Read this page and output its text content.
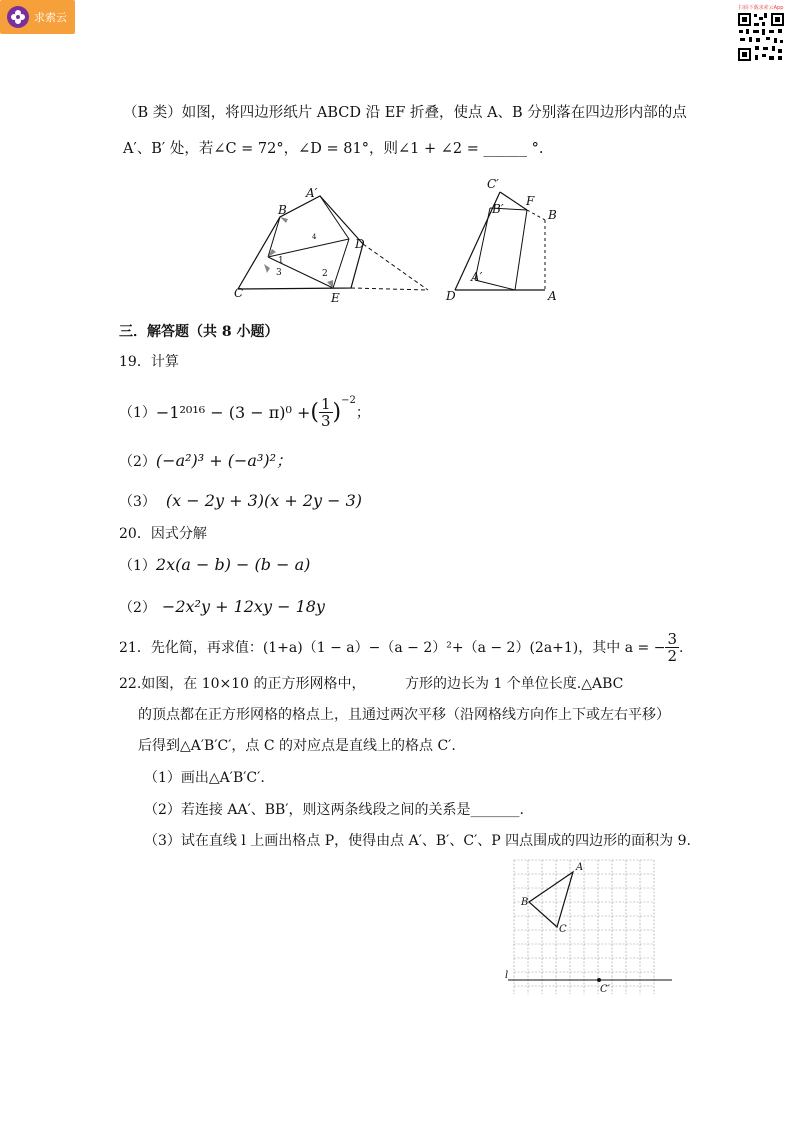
求索云
扫码下载求索云App
（B 类）如图，将四边形纸片 ABCD 沿 EF 折叠，使点 A、B 分别落在四边形内部的点
A′、B′ 处，若∠C = 72°，∠D = 81°，则∠1 + ∠2 = ______ °.
A′
B
D
C	E
1
2
3
4
C′
B′
F
B
A′
D	A
三．解答题（共 8 小题）
19．计算
（1） −1²⁰¹⁶ − (3 − π)⁰ + ( $\frac{1}{3}$ ) −2
；
（2）(−a²)³ + (−a³)²；
（3） (x − 2y + 3)(x + 2y − 3)
20．因式分解
（1）2x(a − b) − (b − a)
（2） −2x²y + 12xy − 18y
21．先化简，再求值：(1+a)（1 − a）−（a − 2）²+（a − 2）(2a+1)，其中 a = − $\frac{3}{2}$ .
22.如图，在 10×10 的正方形网格中，	方形的边长为 1 个单位长度.△ABC
的顶点都在正方形网格的格点上，且通过两次平移（沿网格线方向作上下或左右平移）
后得到△A′B′C′，点 C 的对应点是直线上的格点 C′.
（1）画出△A′B′C′.
（2）若连接 AA′、BB′，则这两条线段之间的关系是_______.
（3）试在直线 l 上画出格点 P，使得由点 A′、B′、C′、P 四点围成的四边形的面积为 9.
A
B
C
C′
l
